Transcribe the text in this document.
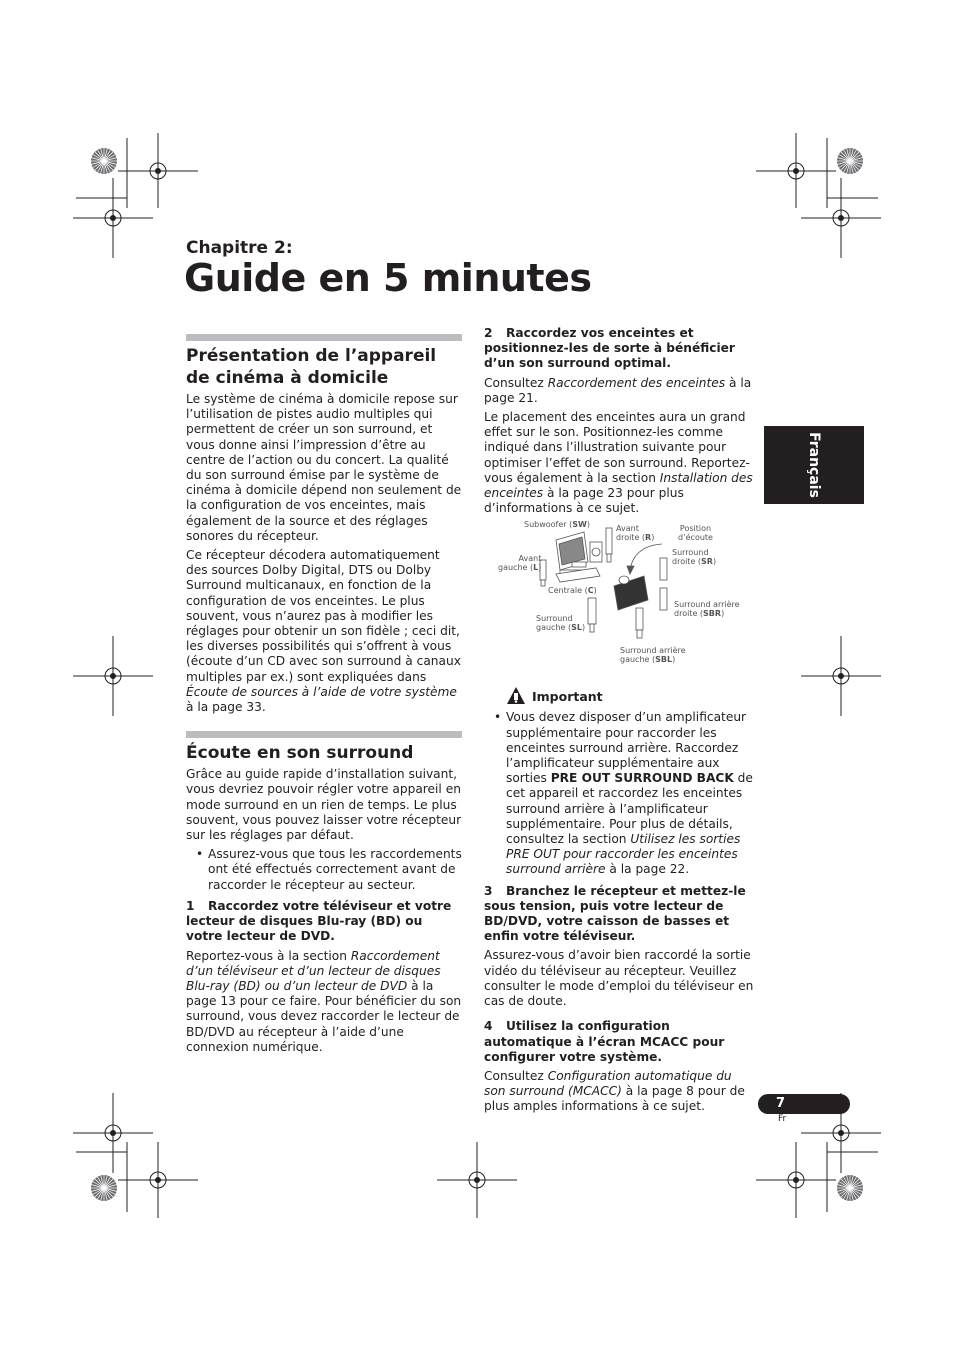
Chapitre 2:
Guide en 5 minutes
Français
Présentation de l’appareil de cinéma à domicile

Le système de cinéma à domicile repose sur l’utilisation de pistes audio multiples qui permettent de créer un son surround, et vous donne ainsi l’impression d’être au centre de l’action ou du concert. La qualité du son surround émise par le système de cinéma à domicile dépend non seulement de la configuration de vos enceintes, mais également de la source et des réglages sonores du récepteur.

Ce récepteur décodera automatiquement des sources Dolby Digital, DTS ou Dolby Surround multicanaux, en fonction de la configuration de vos enceintes. Le plus souvent, vous n’aurez pas à modifier les réglages pour obtenir un son fidèle ; ceci dit, les diverses possibilités qui s’offrent à vous (écoute d’un CD avec son surround à canaux multiples par ex.) sont expliquées dans Écoute de sources à l’aide de votre système à la page 33.

Écoute en son surround

Grâce au guide rapide d’installation suivant, vous devriez pouvoir régler votre appareil en mode surround en un rien de temps. Le plus souvent, vous pouvez laisser votre récepteur sur les réglages par défaut.

• Assurez-vous que tous les raccordements ont été effectués correctement avant de raccorder le récepteur au secteur.

1 Raccordez votre téléviseur et votre lecteur de disques Blu-ray (BD) ou votre lecteur de DVD.

Reportez-vous à la section Raccordement d’un téléviseur et d’un lecteur de disques Blu-ray (BD) ou d’un lecteur de DVD à la page 13 pour ce faire. Pour bénéficier du son surround, vous devez raccorder le lecteur de BD/DVD au récepteur à l’aide d’une connexion numérique.

2 Raccordez vos enceintes et positionnez-les de sorte à bénéficier d’un son surround optimal.

Consultez Raccordement des enceintes à la page 21.

Le placement des enceintes aura un grand effet sur le son. Positionnez-les comme indiqué dans l’illustration suivante pour optimiser l’effet de son surround. Reportez-vous également à la section Installation des enceintes à la page 23 pour plus d’informations à ce sujet.

Subwoofer (SW)	Avant
droite (R)
Position
d’écoute
Avant
gauche (L)
Surround
droite (SR)
Centrale (C)
Surround arrière
droite (SBR)
Surround
gauche (SL)
Surround arrière
gauche (SBL)
Important

• Vous devez disposer d’un amplificateur supplémentaire pour raccorder les enceintes surround arrière. Raccordez l’amplificateur supplémentaire aux sorties PRE OUT SURROUND BACK de cet appareil et raccordez les enceintes surround arrière à l’amplificateur supplémentaire. Pour plus de détails, consultez la section Utilisez les sorties PRE OUT pour raccorder les enceintes surround arrière à la page 22.

3 Branchez le récepteur et mettez-le sous tension, puis votre lecteur de BD/DVD, votre caisson de basses et enfin votre téléviseur.

Assurez-vous d’avoir bien raccordé la sortie vidéo du téléviseur au récepteur. Veuillez consulter le mode d’emploi du téléviseur en cas de doute.

4 Utilisez la configuration automatique à l’écran MCACC pour configurer votre système.

Consultez Configuration automatique du son surround (MCACC) à la page 8 pour de plus amples informations à ce sujet.	7
Fr
